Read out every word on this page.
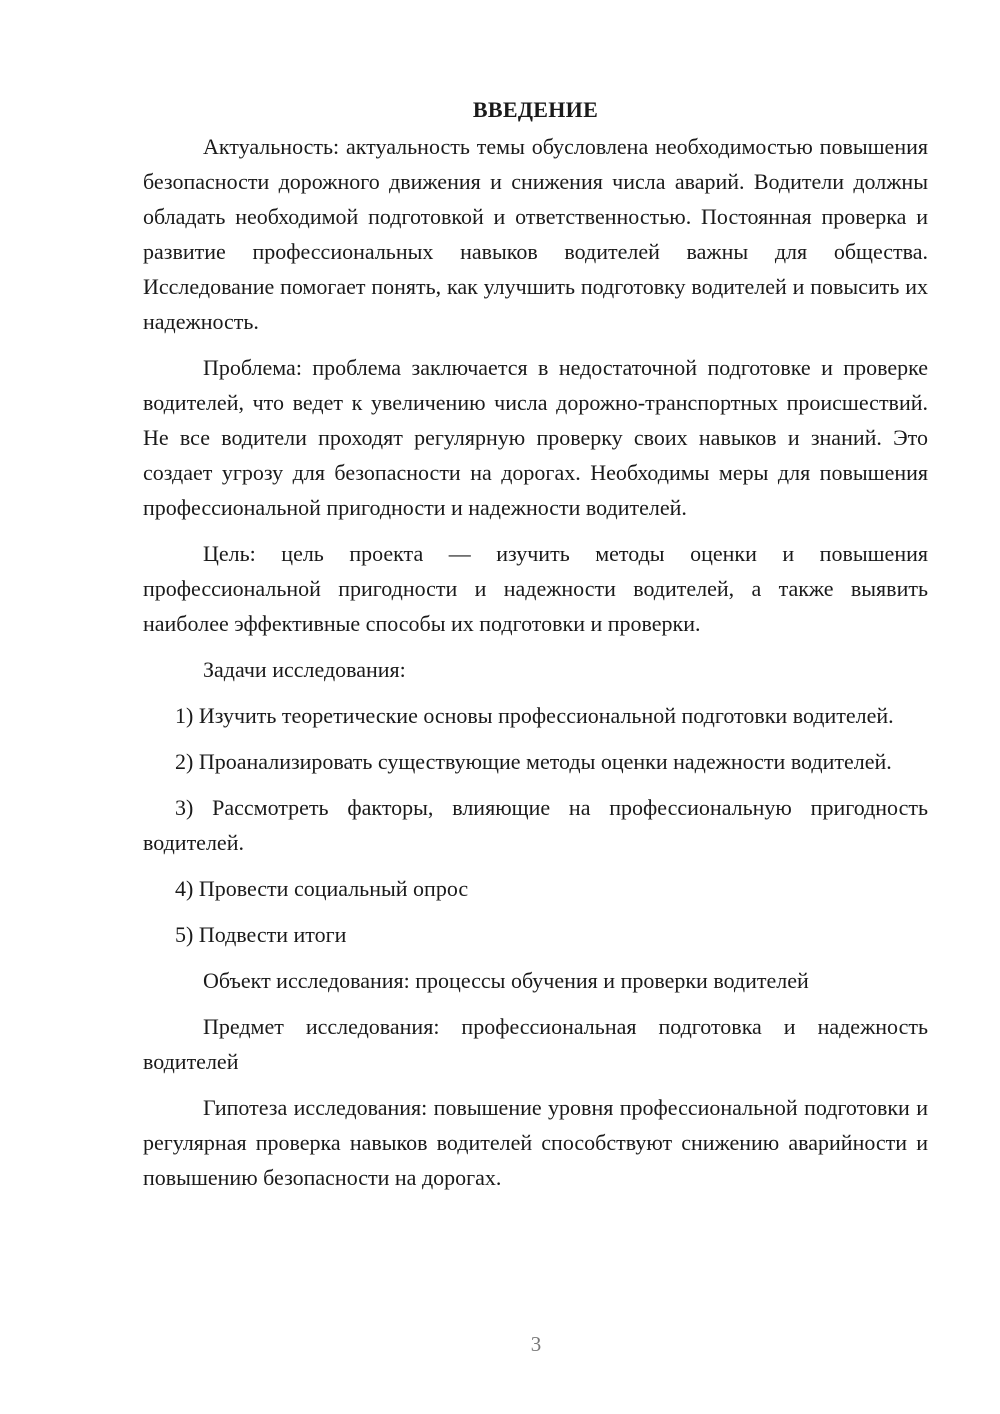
ВВЕДЕНИЕ

Актуальность: актуальность темы обусловлена необходимостью повышения безопасности дорожного движения и снижения числа аварий. Водители должны обладать необходимой подготовкой и ответственностью. Постоянная проверка и развитие профессиональных навыков водителей важны для общества. Исследование помогает понять, как улучшить подготовку водителей и повысить их надежность.

Проблема: проблема заключается в недостаточной подготовке и проверке водителей, что ведет к увеличению числа дорожно-транспортных происшествий. Не все водители проходят регулярную проверку своих навыков и знаний. Это создает угрозу для безопасности на дорогах. Необходимы меры для повышения профессиональной пригодности и надежности водителей.

Цель: цель проекта — изучить методы оценки и повышения профессиональной пригодности и надежности водителей, а также выявить наиболее эффективные способы их подготовки и проверки.

Задачи исследования:

1) Изучить теоретические основы профессиональной подготовки водителей.

2) Проанализировать существующие методы оценки надежности водителей.

3) Рассмотреть факторы, влияющие на профессиональную пригодность водителей.

4) Провести социальный опрос

5) Подвести итоги

Объект исследования: процессы обучения и проверки водителей

Предмет исследования: профессиональная подготовка и надежность водителей

Гипотеза исследования: повышение уровня профессиональной подготовки и регулярная проверка навыков водителей способствуют снижению аварийности и повышению безопасности на дорогах.

3
